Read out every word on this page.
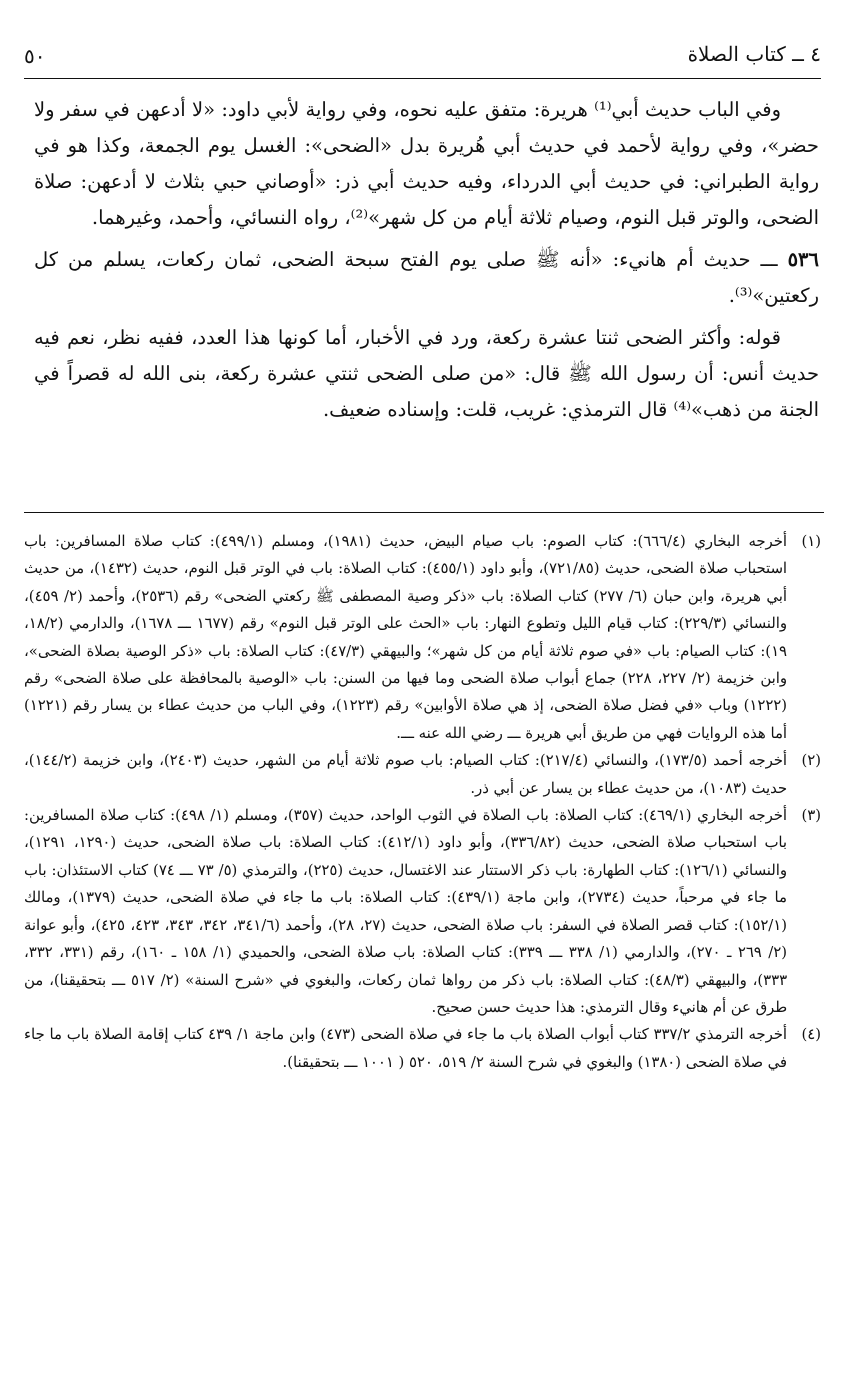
٥٠	٤ ــ كتاب الصلاة

وفي الباب حديث أبي⁽¹⁾ هريرة: متفق عليه نحوه، وفي رواية لأبي داود: «لا أدعهن في سفر ولا حضر»، وفي رواية لأحمد في حديث أبي هُريرة بدل «الضحى»: الغسل يوم الجمعة، وكذا هو في رواية الطبراني: في حديث أبي الدرداء، وفيه حديث أبي ذر: «أوصاني حبي بثلاث لا أدعهن: صلاة الضحى، والوتر قبل النوم، وصيام ثلاثة أيام من كل شهر»⁽²⁾، رواه النسائي، وأحمد، وغيرهما.

٥٣٦ ـــ حديث أم هانيء: «أنه ﷺ صلى يوم الفتح سبحة الضحى، ثمان ركعات، يسلم من كل ركعتين»⁽³⁾.

قوله: وأكثر الضحى ثنتا عشرة ركعة، ورد في الأخبار، أما كونها هذا العدد، ففيه نظر، نعم فيه حديث أنس: أن رسول الله ﷺ قال: «من صلى الضحى ثنتي عشرة ركعة، بنى الله له قصراً في الجنة من ذهب»⁽⁴⁾ قال الترمذي: غريب، قلت: وإسناده ضعيف.

(١)
أخرجه البخاري (٦٦٦/٤): كتاب الصوم: باب صيام البيض، حديث (١٩٨١)، ومسلم (٤٩٩/١): كتاب صلاة المسافرين: باب استحباب صلاة الضحى، حديث (٧٢١/٨٥)، وأبو داود (٤٥٥/١): كتاب الصلاة: باب في الوتر قبل النوم، حديث (١٤٣٢)، من حديث أبي هريرة، وابن حبان (٦/ ٢٧٧) كتاب الصلاة: باب «ذكر وصية المصطفى ﷺ ركعتي الضحى» رقم (٢٥٣٦)، وأحمد (٢/ ٤٥٩)، والنسائي (٢٢٩/٣): كتاب قيام الليل وتطوع النهار: باب «الحث على الوتر قبل النوم» رقم (١٦٧٧ ـــ ١٦٧٨)، والدارمي (١٨/٢، ١٩): كتاب الصيام: باب «في صوم ثلاثة أيام من كل شهر»؛ والبيهقي (٤٧/٣): كتاب الصلاة: باب «ذكر الوصية بصلاة الضحى»، وابن خزيمة (٢/ ٢٢٧، ٢٢٨) جماع أبواب صلاة الضحى وما فيها من السنن: باب «الوصية بالمحافظة على صلاة الضحى» رقم (١٢٢٢) وباب «في فضل صلاة الضحى، إذ هي صلاة الأوابين» رقم (١٢٢٣)، وفي الباب من حديث عطاء بن يسار رقم (١٢٢١) أما هذه الروايات فهي من طريق أبي هريرة ـــ رضي الله عنه ـــ.
(٢)
أخرجه أحمد (١٧٣/٥)، والنسائي (٢١٧/٤): كتاب الصيام: باب صوم ثلاثة أيام من الشهر، حديث (٢٤٠٣)، وابن خزيمة (١٤٤/٢)، حديث (١٠٨٣)، من حديث عطاء بن يسار عن أبي ذر.
(٣)
أخرجه البخاري (٤٦٩/١): كتاب الصلاة: باب الصلاة في الثوب الواحد، حديث (٣٥٧)، ومسلم (١/ ٤٩٨): كتاب صلاة المسافرين: باب استحباب صلاة الضحى، حديث (٣٣٦/٨٢)، وأبو داود (٤١٢/١): كتاب الصلاة: باب صلاة الضحى، حديث (١٢٩٠، ١٢٩١)، والنسائي (١٢٦/١): كتاب الطهارة: باب ذكر الاستتار عند الاغتسال، حديث (٢٢٥)، والترمذي (٥/ ٧٣ ـــ ٧٤) كتاب الاستئذان: باب ما جاء في مرحباً، حديث (٢٧٣٤)، وابن ماجة (٤٣٩/١): كتاب الصلاة: باب ما جاء في صلاة الضحى، حديث (١٣٧٩)، ومالك (١٥٢/١): كتاب قصر الصلاة في السفر: باب صلاة الضحى، حديث (٢٧، ٢٨)، وأحمد (٣٤١/٦، ٣٤٢، ٣٤٣، ٤٢٣، ٤٢٥)، وأبو عوانة (٢/ ٢٦٩ ـ ٢٧٠)، والدارمي (١/ ٣٣٨ ـــ ٣٣٩): كتاب الصلاة: باب صلاة الضحى، والحميدي (١/ ١٥٨ ـ ١٦٠)، رقم (٣٣١، ٣٣٢، ٣٣٣)، والبيهقي (٤٨/٣): كتاب الصلاة: باب ذكر من رواها ثمان ركعات، والبغوي في «شرح السنة» (٢/ ٥١٧ ـــ بتحقيقنا)، من طرق عن أم هانيء وقال الترمذي: هذا حديث حسن صحيح.
(٤)
أخرجه الترمذي ٣٣٧/٢ كتاب أبواب الصلاة باب ما جاء في صلاة الضحى (٤٧٣) وابن ماجة ١/ ٤٣٩ كتاب إقامة الصلاة باب ما جاء في صلاة الضحى (١٣٨٠) والبغوي في شرح السنة ٢/ ٥١٩، ٥٢٠ ( ١٠٠١ ـــ بتحقيقنا).
